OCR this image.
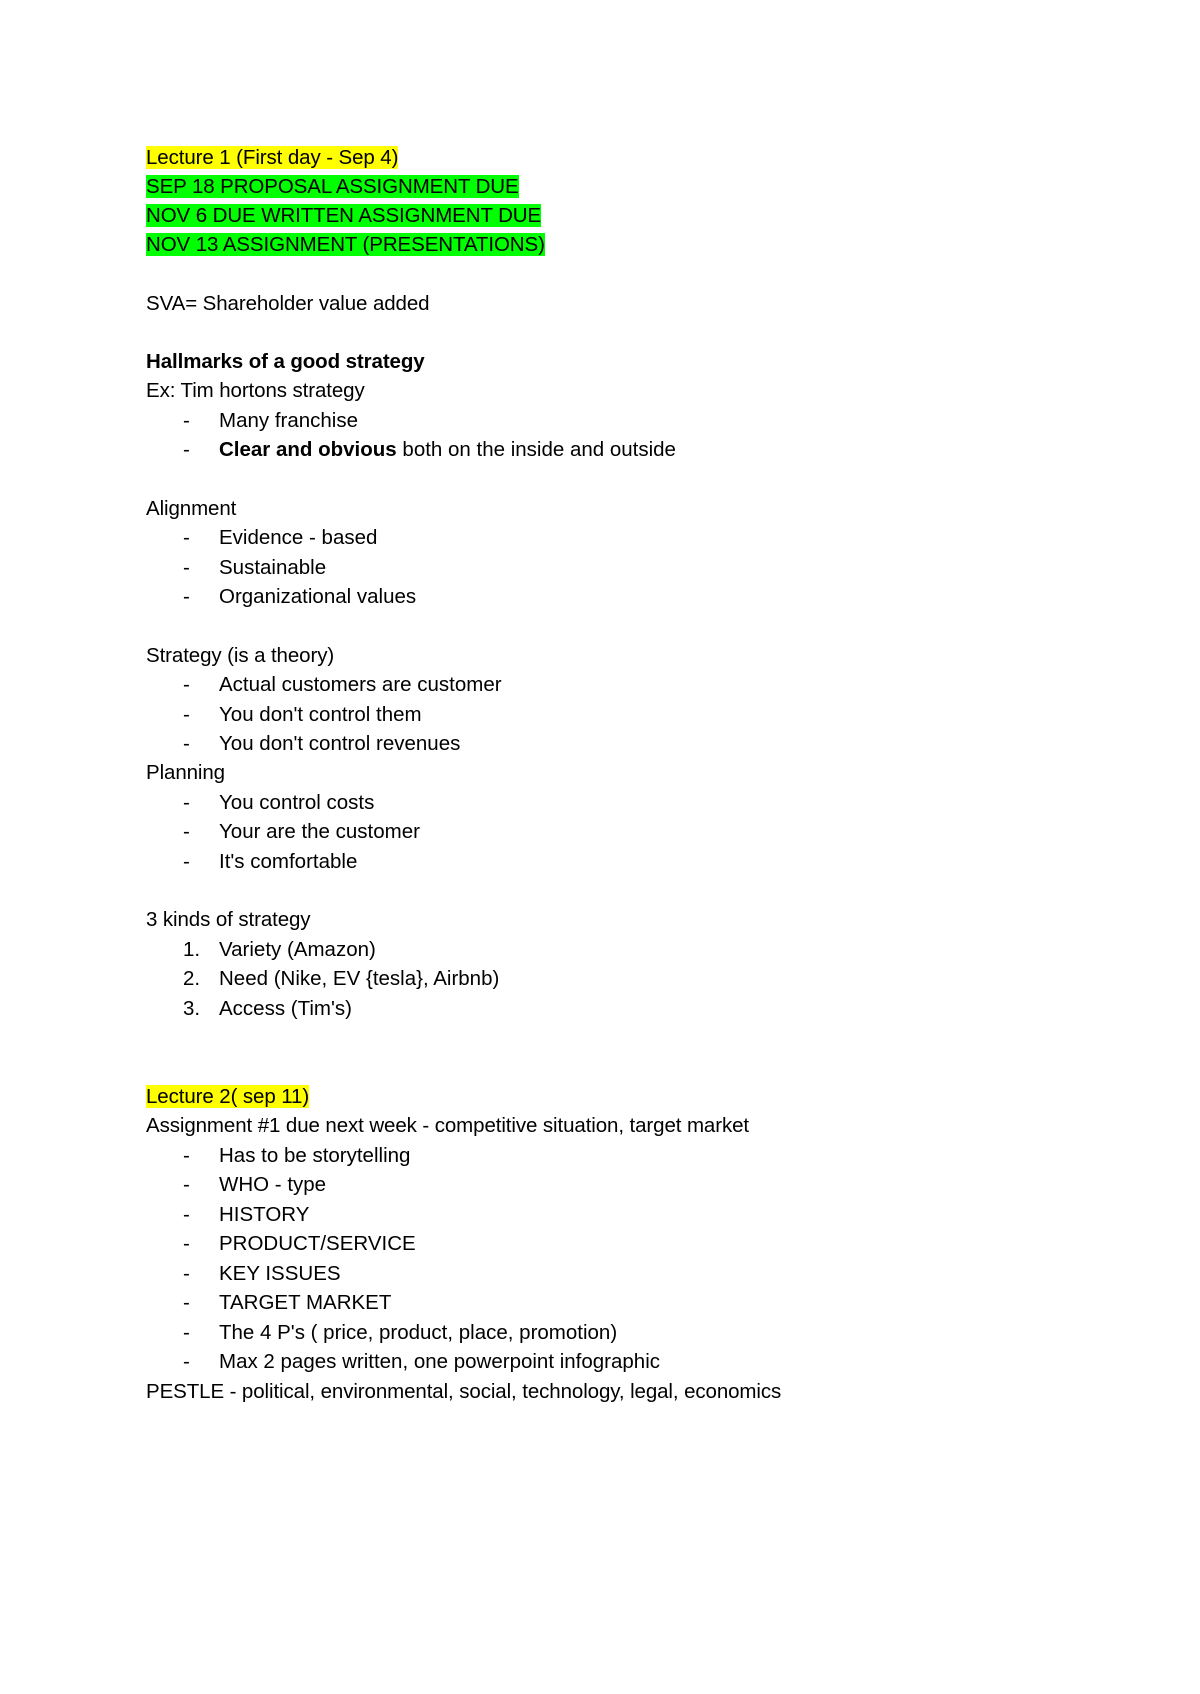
Lecture 1 (First day - Sep 4)
SEP 18 PROPOSAL ASSIGNMENT DUE
NOV 6 DUE WRITTEN ASSIGNMENT DUE
NOV 13 ASSIGNMENT (PRESENTATIONS)
SVA= Shareholder value added
Hallmarks of a good strategy
Ex: Tim hortons strategy
- Many franchise
- Clear and obvious both on the inside and outside
Alignment
- Evidence - based
- Sustainable
- Organizational values
Strategy (is a theory)
- Actual customers are customer
- You don't control them
- You don't control revenues
Planning
- You control costs
- Your are the customer
- It's comfortable
3 kinds of strategy
1. Variety (Amazon)
2. Need (Nike, EV {tesla}, Airbnb)
3. Access (Tim's)
Lecture 2( sep 11)
Assignment #1 due next week - competitive situation, target market
- Has to be storytelling
- WHO - type
- HISTORY
- PRODUCT/SERVICE
- KEY ISSUES
- TARGET MARKET
- The 4 P's ( price, product, place, promotion)
- Max 2 pages written, one powerpoint infographic
PESTLE - political, environmental, social, technology, legal, economics
